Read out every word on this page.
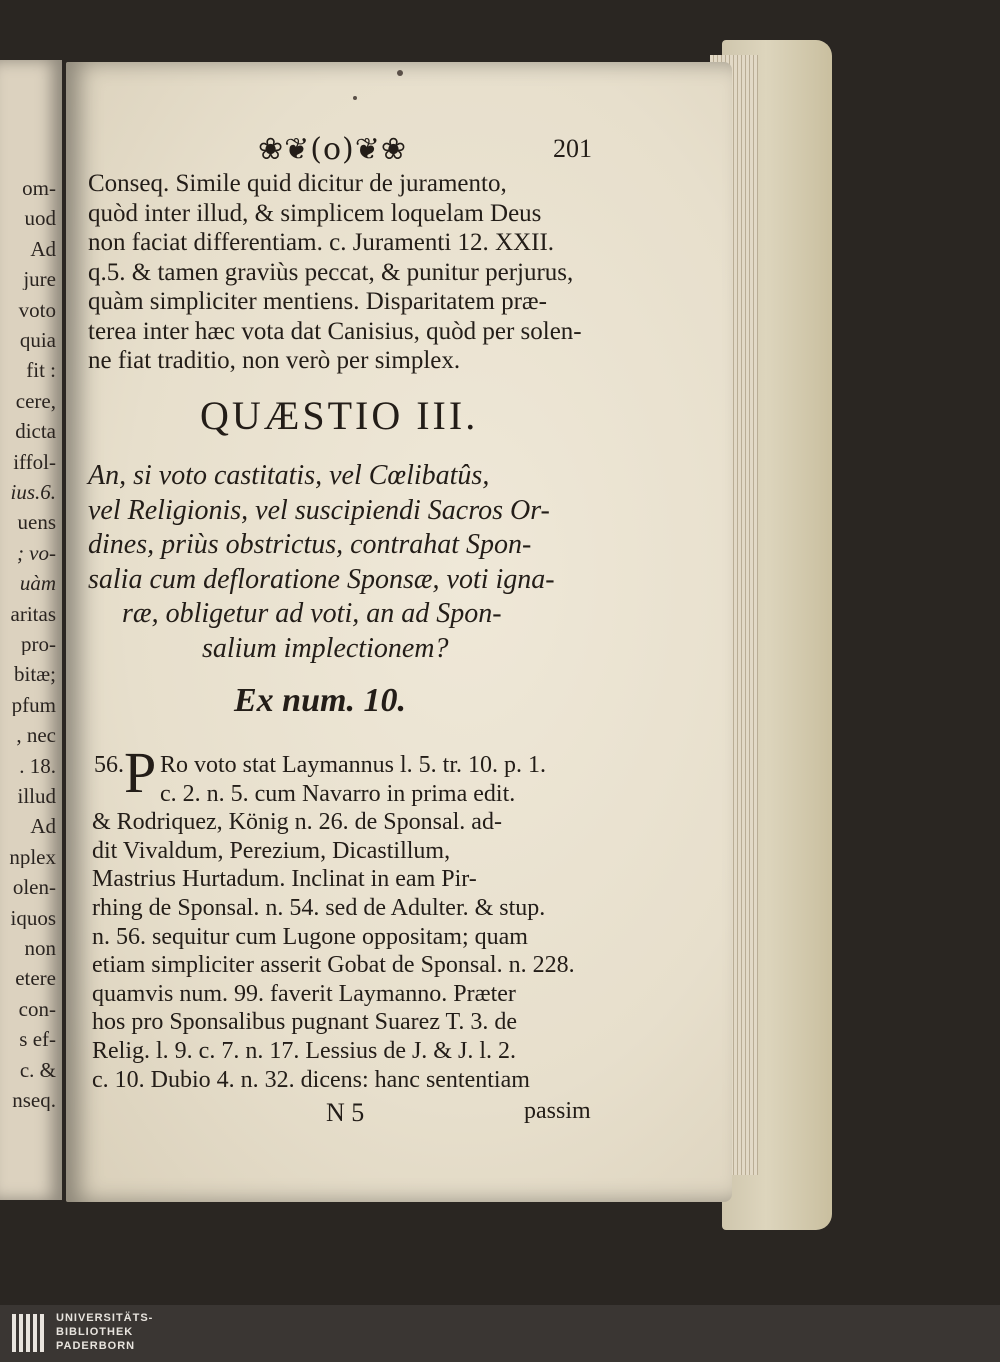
om-
uod
Ad
jure
voto
quia
fit :
cere,
dicta
iffol-
ius.6.
uens
; vo-
uàm
aritas
pro-
bitæ;
pfum
, nec
. 18.
illud
Ad
nplex
olen-
iquos
non
etere
con-
s ef-
c. &
nseq.
❀❦(o)❦❀	201
Conseq. Simile quid dicitur de juramento,
quòd inter illud, & simplicem loquelam Deus
non faciat differentiam. c. Juramenti 12. XXII.
q.5. & tamen graviùs peccat, & punitur perjurus,
quàm simpliciter mentiens. Disparitatem præ-
terea inter hæc vota dat Canisius, quòd per solen-
ne fiat traditio, non verò per simplex.
QUÆSTIO III.
An, si voto castitatis, vel Cœlibatûs,
vel Religionis, vel suscipiendi Sacros Or-
dines, priùs obstrictus, contrahat Spon-
salia cum defloratione Sponsæ, voti igna-
ræ, obligetur ad voti, an ad Spon-
salium implectionem?
Ex num. 10.
56. P Ro voto stat Laymannus l. 5. tr. 10. p. 1.
c. 2. n. 5. cum Navarro in prima edit.
& Rodriquez, König n. 26. de Sponsal. ad-
dit Vivaldum, Perezium, Dicastillum,
Mastrius Hurtadum. Inclinat in eam Pir-
rhing de Sponsal. n. 54. sed de Adulter. & stup.
n. 56. sequitur cum Lugone oppositam; quam
etiam simpliciter asserit Gobat de Sponsal. n. 228.
quamvis num. 99. faverit Laymanno. Præter
hos pro Sponsalibus pugnant Suarez T. 3. de
Relig. l. 9. c. 7. n. 17. Lessius de J. & J. l. 2.
c. 10. Dubio 4. n. 32. dicens: hanc sententiam
N 5	passim
UNIVERSITÄTS-
BIBLIOTHEK
PADERBORN
